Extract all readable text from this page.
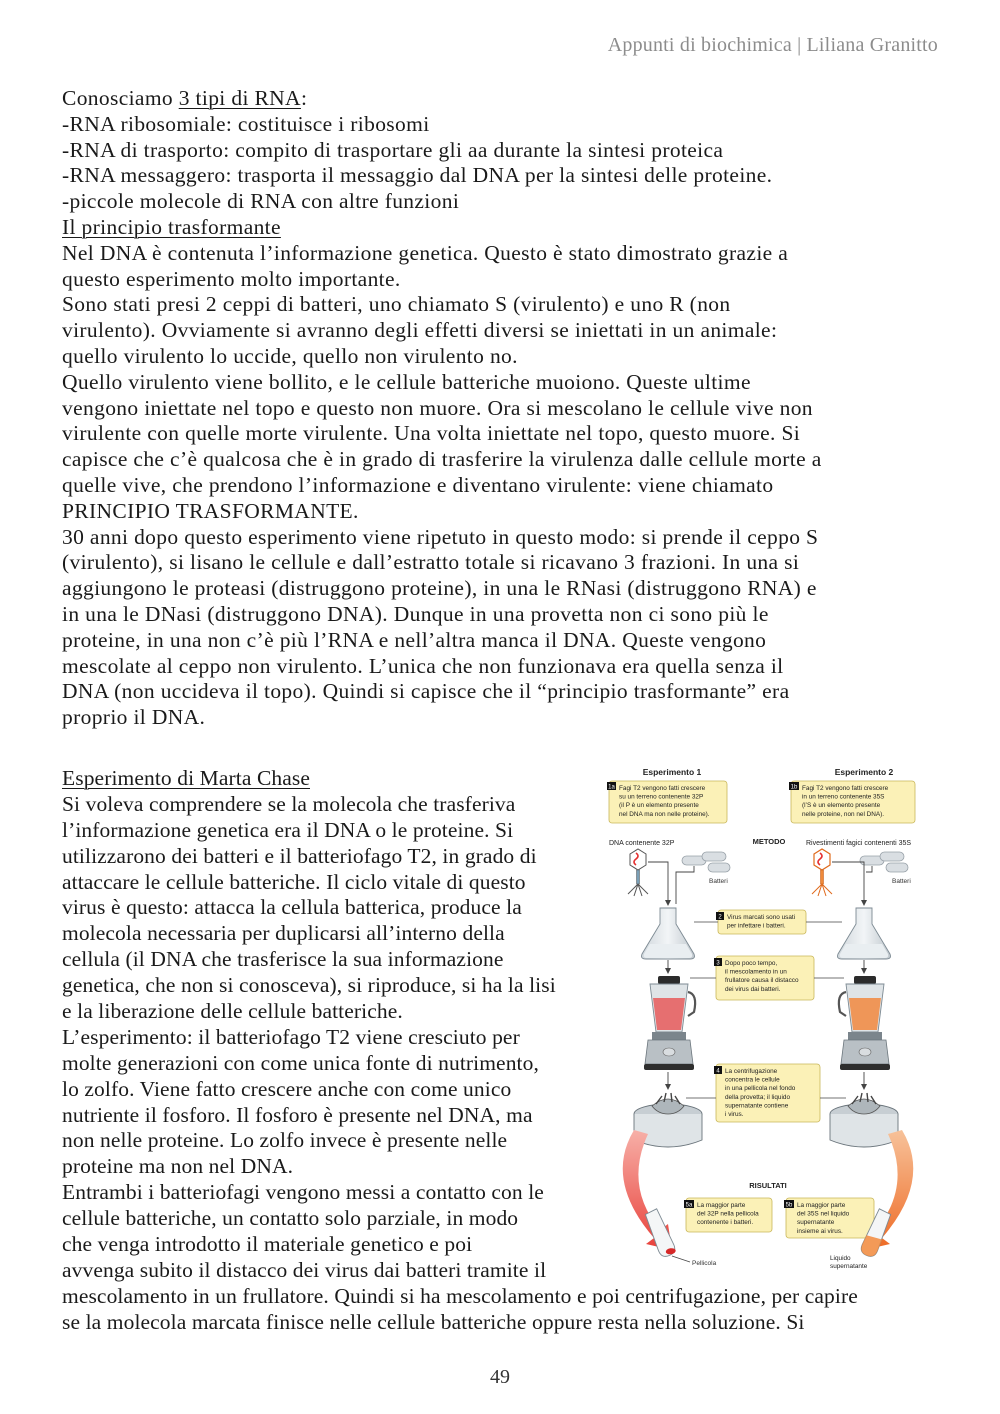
Appunti di biochimica | Liliana Granitto
Conosciamo 3 tipi di RNA:
-RNA ribosomiale: costituisce i ribosomi
-RNA di trasporto: compito di trasportare gli aa durante la sintesi proteica
-RNA messaggero: trasporta il messaggio dal DNA per la sintesi delle proteine.
-piccole molecole di RNA con altre funzioni
Il principio trasformante
Nel DNA è contenuta l’informazione genetica. Questo è stato dimostrato grazie a
questo esperimento molto importante.
Sono stati presi 2 ceppi di batteri, uno chiamato S (virulento) e uno R (non
virulento). Ovviamente si avranno degli effetti diversi se iniettati in un animale:
quello virulento lo uccide, quello non virulento no.
Quello virulento viene bollito, e le cellule batteriche muoiono. Queste ultime
vengono iniettate nel topo e questo non muore. Ora si mescolano le cellule vive non
virulente con quelle morte virulente. Una volta iniettate nel topo, questo muore. Si
capisce che c’è qualcosa che è in grado di trasferire la virulenza dalle cellule morte a
quelle vive, che prendono l’informazione e diventano virulente: viene chiamato
PRINCIPIO TRASFORMANTE.
30 anni dopo questo esperimento viene ripetuto in questo modo: si prende il ceppo S
(virulento), si lisano le cellule e dall’estratto totale si ricavano 3 frazioni. In una si
aggiungono le proteasi (distruggono proteine), in una le RNasi (distruggono RNA) e
in una le DNasi (distruggono DNA). Dunque in una provetta non ci sono più le
proteine, in una non c’è più l’RNA e nell’altra manca il DNA. Queste vengono
mescolate al ceppo non virulento. L’unica che non funzionava era quella senza il
DNA (non uccideva il topo). Quindi si capisce che il “principio trasformante” era
proprio il DNA.
Esperimento di Marta Chase
Si voleva comprendere se la molecola che trasferiva
l’informazione genetica era il DNA o le proteine. Si
utilizzarono dei batteri e il batteriofago T2, in grado di
attaccare le cellule batteriche. Il ciclo vitale di questo
virus è questo: attacca la cellula batterica, produce la
molecola necessaria per duplicarsi all’interno della
cellula (il DNA che trasferisce la sua informazione
genetica, che non si conosceva), si riproduce, si ha la lisi
e la liberazione delle cellule batteriche.
L’esperimento: il batteriofago T2 viene cresciuto per
molte generazioni con come unica fonte di nutrimento,
lo zolfo. Viene fatto crescere anche con come unico
nutriente il fosforo. Il fosforo è presente nel DNA, ma
non nelle proteine. Lo zolfo invece è presente nelle
proteine ma non nel DNA.
Entrambi i batteriofagi vengono messi a contatto con le
cellule batteriche, un contatto solo parziale, in modo
che venga introdotto il materiale genetico e poi
avvenga subito il distacco dei virus dai batteri tramite il
mescolamento in un frullatore. Quindi si ha mescolamento e poi centrifugazione, per capire
se la molecola marcata finisce nelle cellule batteriche oppure resta nella soluzione. Si
Esperimento 1	Esperimento 2
1a Fagi T2 vengono fatti crescere
su un terreno contenente 32P
(il P è un elemento presente
nel DNA ma non nelle proteine).
1b Fagi T2 vengono fatti crescere
in un terreno contenente 35S
(l’S è un elemento presente
nelle proteine, non nel DNA).
DNA contenente 32P	METODO	Rivestimenti fagici contenenti 35S
Batteri	Batteri
2 Virus marcati sono usati
per infettare i batteri.
3 Dopo poco tempo,
il mescolamento in un
frullatore causa il distacco
dei virus dai batteri.
4 La centrifugazione
concentra le cellule
in una pellicola nel fondo
della provetta; il liquido
supernatante contiene
i virus.
RISULTATI
5a La maggior parte
del 32P nella pellicola
contenente i batteri.
5b La maggior parte
del 35S nel liquido
supernatante
insieme ai virus.
Pellicola
Liquido
supernatante
49
